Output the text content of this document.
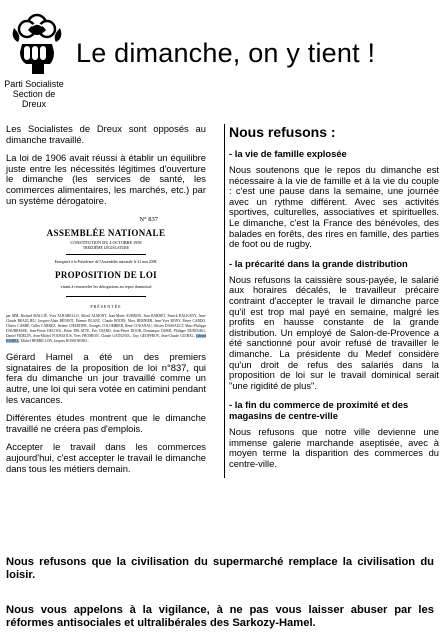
Parti Socialiste
Section de
Dreux
Le dimanche, on y tient !

Les Socialistes de Dreux sont opposés au dimanche travaillé.

La loi de 1906 avait réussi à établir un équilibre juste entre les nécessités légitimes d'ouverture le dimanche (les services de santé, les commerces alimentaires, les marchés, etc.) par un système dérogatoire.

N° 837
ASSEMBLÉE NATIONALE
CONSTITUTION DU 4 OCTOBRE 1958
TREIZIÈME LÉGISLATURE
Enregistré à la Présidence de l'Assemblée nationale le 21 mai 2008.
PROPOSITION DE LOI
visant à renouveler les dérogations au repos dominical
PRÉSENTÉE
par MM. Richard MALLIÉ, Yves ALBARELLO, Alfred ALMONT, Jean-Marie AUBRON, Jean BARDET, Patrick BALKANY, Jean-Claude BEAULIEU, Jacques-Alain BÉNISTI, Étienne BLANC, Claude BODIN, Marc BERNIER, Jean-Yves BONY, Pierre CARDO, Olivier CARRÉ, Gilles CARREZ, Jérôme CHARTIER, Georges COLOMBIER, René COUANAU, Olivier DASSAULT, Marc-Philippe DAUBRESSE, Jean-Pierre DECOOL, Rémi DELATTE, Éric DIARD, Jean-Pierre DOOR, Dominique DORD, Philippe DUBOURG, Daniel FIDELIN, Jean-Michel FOURGOUS, Yves FROMION, Claude GATIGNOL, Guy GEOFFROY, Jean-Claude GUIBAL, Gérard HAMEL, Michel HERBILLON, Jacques KOSSOWSKI...

Gérard Hamel a été un des premiers signataires de la proposition de loi n°837, qui fera du dimanche un jour travaillé comme un autre, une loi qui sera votée en catimini pendant les vacances.

Différentes études montrent que le dimanche travaillé ne créera pas d'emplois.

Accepter le travail dans les commerces aujourd'hui, c'est accepter le travail le dimanche dans tous les métiers demain.

Nous refusons :
- la vie de famille explosée

Nous soutenons que le repos du dimanche est nécessaire à la vie de famille et à la vie du couple : c'est une pause dans la semaine, une journée avec un rythme différent. Avec ses activités sportives, culturelles, associatives et spirituelles. Le dimanche, c'est la France des bénévoles, des balades en forêts, des rires en famille, des parties de foot ou de rugby.

- la précarité dans la grande distribution

Nous refusons la caissière sous-payée, le salarié aux horaires décalés, le travailleur précaire contraint d'accepter le travail le dimanche parce qu'il est trop mal payé en semaine, malgré les profits en hausse constante de la grande distribution. Un employé de Salon-de-Provence a été sanctionné pour avoir refusé de travailler le dimanche. La présidente du Medef considère qu'un droit de refus des salariés dans la proposition de loi sur le travail dominical serait "une rigidité de plus".

- la fin du commerce de proximité et des magasins de centre-ville

Nous refusons que notre ville devienne une immense galerie marchande aseptisée, avec à moyen terme la disparition des commerces du centre-ville.

Nous refusons que la civilisation du supermarché remplace la civilisation du loisir.
Nous vous appelons à la vigilance, à ne pas vous laisser abuser par les réformes antisociales et ultralibérales des Sarkozy-Hamel.
